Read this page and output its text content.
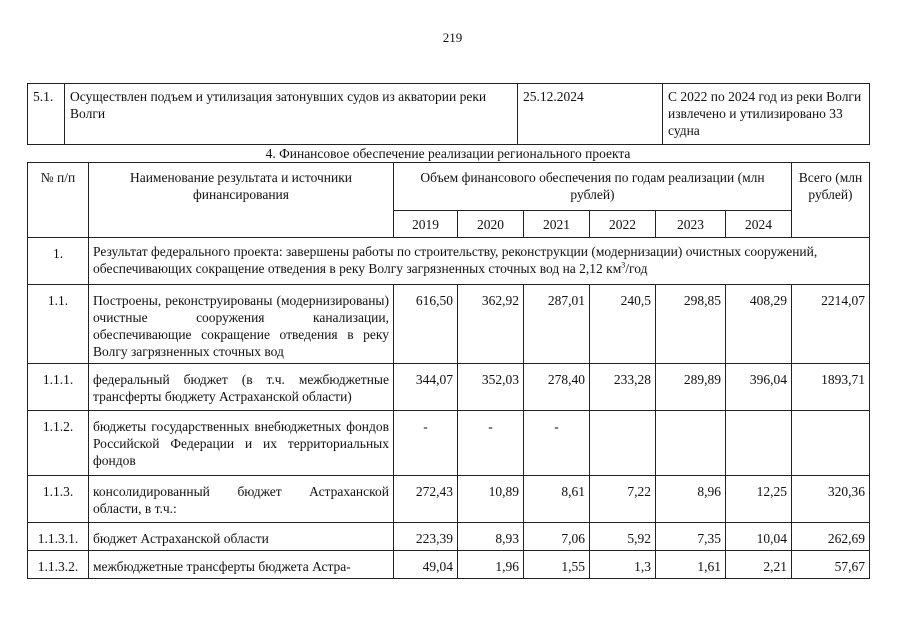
219
5.1.	Осуществлен подъем и утилизация затонувших судов из акватории реки Волги	25.12.2024	С 2022 по 2024 год из реки Волги извлечено и утилизировано 33 судна
4. Финансовое обеспечение реализации регионального проекта
№ п/п	Наименование результата и источники финансирования	Объем финансового обеспечения по годам реализации (млн рублей)						Всего (млн рублей)
		2019	2020	2021	2022	2023	2024	
1.	Результат федерального проекта: завершены работы по строительству, реконструкции (модернизации) очистных сооружений, обеспечивающих сокращение отведения в реку Волгу загрязненных сточных вод на 2,12 $км^3$/год							
1.1.	Построены, реконструированы (модернизированы) очистные сооружения канализации, обеспечивающие сокращение отведения в реку Волгу загрязненных сточных вод	616,50	362,92	287,01	240,5	298,85	408,29	2214,07
1.1.1.	федеральный бюджет (в т.ч. межбюджетные трансферты бюджету Астраханской области)	344,07	352,03	278,40	233,28	289,89	396,04	1893,71
1.1.2.	бюджеты государственных внебюджетных фондов Российской Федерации и их территориальных фондов	-	-	-				
1.1.3.	консолидированный бюджет Астраханской области, в т.ч.:	272,43	10,89	8,61	7,22	8,96	12,25	320,36
1.1.3.1.	бюджет Астраханской области	223,39	8,93	7,06	5,92	7,35	10,04	262,69
1.1.3.2.	межбюджетные трансферты бюджета Астра-	49,04	1,96	1,55	1,3	1,61	2,21	57,67
